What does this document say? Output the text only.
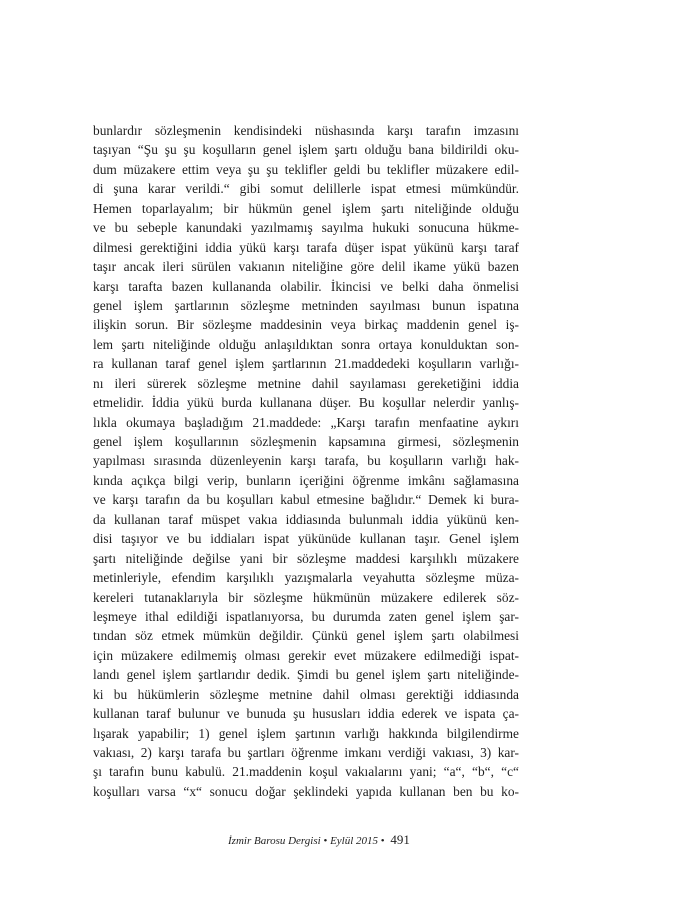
bunlardır sözleşmenin kendisindeki nüshasında karşı tarafın imzasını
taşıyan “Şu şu şu koşulların genel işlem şartı olduğu bana bildirildi oku-
dum müzakere ettim veya şu şu teklifler geldi bu teklifler müzakere edil-
di şuna karar verildi.“ gibi somut delillerle ispat etmesi mümkündür.
Hemen toparlayalım; bir hükmün genel işlem şartı niteliğinde olduğu
ve bu sebeple kanundaki yazılmamış sayılma hukuki sonucuna hükme-
dilmesi gerektiğini iddia yükü karşı tarafa düşer ispat yükünü karşı taraf
taşır ancak ileri sürülen vakıanın niteliğine göre delil ikame yükü bazen
karşı tarafta bazen kullananda olabilir. İkincisi ve belki daha önmelisi
genel işlem şartlarının sözleşme metninden sayılması bunun ispatına
ilişkin sorun. Bir sözleşme maddesinin veya birkaç maddenin genel iş-
lem şartı niteliğinde olduğu anlaşıldıktan sonra ortaya konulduktan son-
ra kullanan taraf genel işlem şartlarının 21.maddedeki koşulların varlığı-
nı ileri sürerek sözleşme metnine dahil sayılaması gereketiğini iddia
etmelidir. İddia yükü burda kullanana düşer. Bu koşullar nelerdir yanlış-
lıkla okumaya başladığım 21.maddede: „Karşı tarafın menfaatine aykırı
genel işlem koşullarının sözleşmenin kapsamına girmesi, sözleşmenin
yapılması sırasında düzenleyenin karşı tarafa, bu koşulların varlığı hak-
kında açıkça bilgi verip, bunların içeriğini öğrenme imkânı sağlamasına
ve karşı tarafın da bu koşulları kabul etmesine bağlıdır.“ Demek ki bura-
da kullanan taraf müspet vakıa iddiasında bulunmalı iddia yükünü ken-
disi taşıyor ve bu iddiaları ispat yükünüde kullanan taşır. Genel işlem
şartı niteliğinde değilse yani bir sözleşme maddesi karşılıklı müzakere
metinleriyle, efendim karşılıklı yazışmalarla veyahutta sözleşme müza-
kereleri tutanaklarıyla bir sözleşme hükmünün müzakere edilerek söz-
leşmeye ithal edildiği ispatlanıyorsa, bu durumda zaten genel işlem şar-
tından söz etmek mümkün değildir. Çünkü genel işlem şartı olabilmesi
için müzakere edilmemiş olması gerekir evet müzakere edilmediği ispat-
landı genel işlem şartlarıdır dedik. Şimdi bu genel işlem şartı niteliğinde-
ki bu hükümlerin sözleşme metnine dahil olması gerektiği iddiasında
kullanan taraf bulunur ve bunuda şu hususları iddia ederek ve ispata ça-
lışarak yapabilir; 1) genel işlem şartının varlığı hakkında bilgilendirme
vakıası, 2) karşı tarafa bu şartları öğrenme imkanı verdiği vakıası, 3) kar-
şı tarafın bunu kabulü. 21.maddenin koşul vakıalarını yani; “a“, “b“, “c“
koşulları varsa “x“ sonucu doğar şeklindeki yapıda kullanan ben bu ko-
İzmir Barosu Dergisi • Eylül 2015 • 491
